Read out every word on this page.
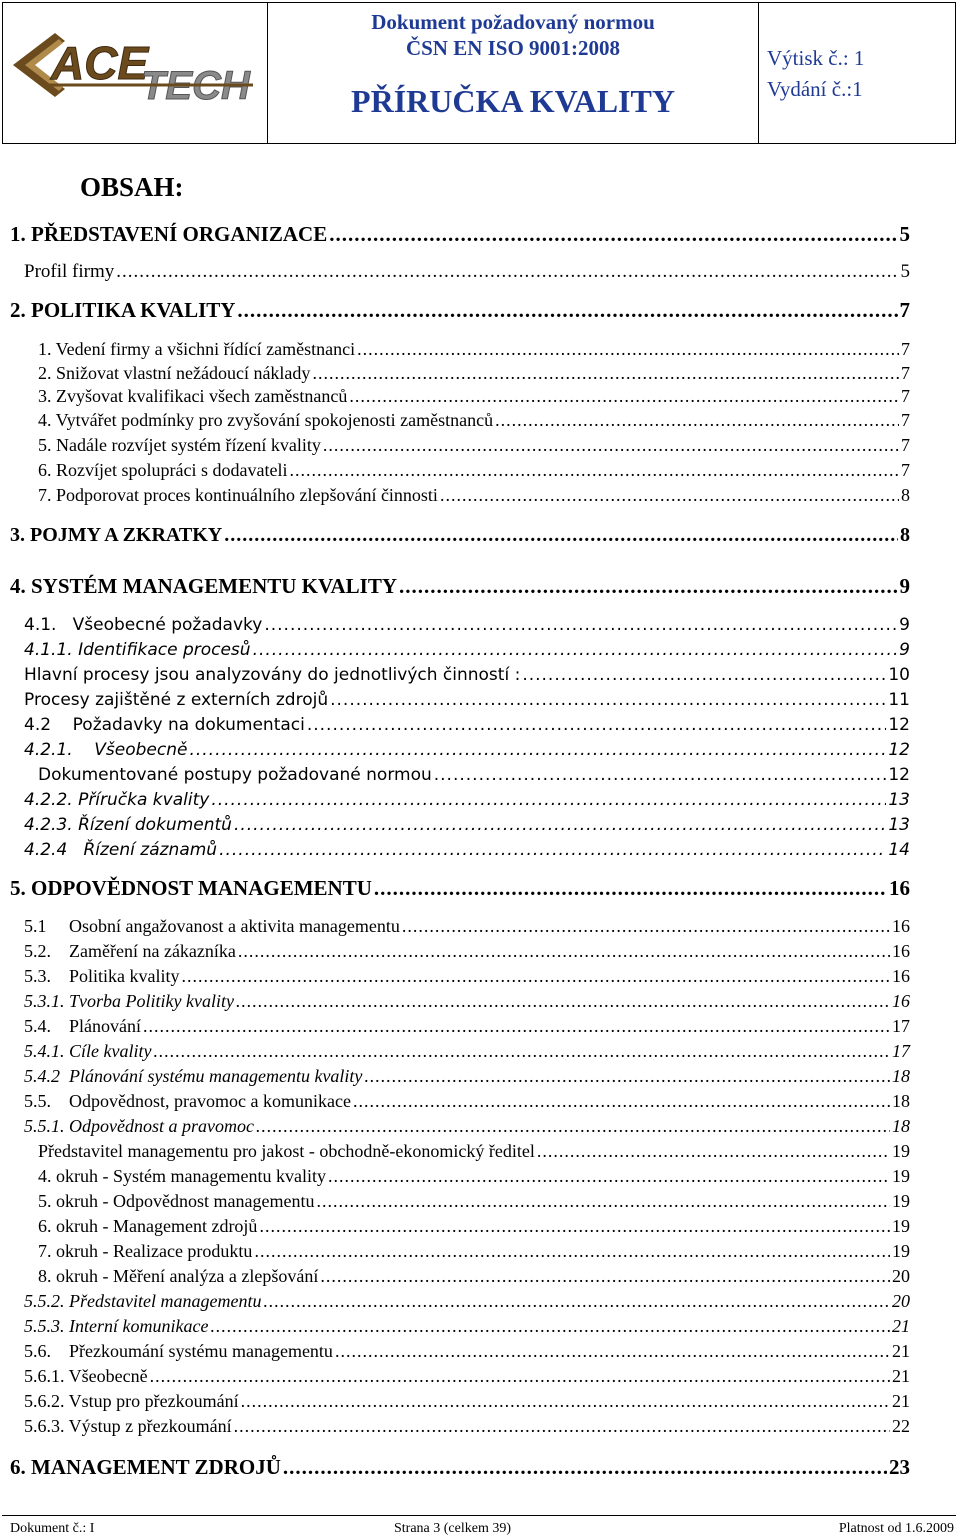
ACE
TECH
Dokument požadovaný normou
ČSN EN ISO 9001:2008
PŘÍRUČKA KVALITY
Výtisk č.: 1
Vydání č.:1
OBSAH:
1. PŘEDSTAVENÍ ORGANIZACE .....	5
Profil firmy .....	5
2. POLITIKA KVALITY .....	7
1. Vedení firmy a všichni řídící zaměstnanci .....	7
2. Snižovat vlastní nežádoucí náklady .....	7
3. Zvyšovat kvalifikaci všech zaměstnanců .....	7
4. Vytvářet podmínky pro zvyšování spokojenosti zaměstnanců .....	7
5. Nadále rozvíjet systém řízení kvality .....	7
6. Rozvíjet spolupráci s dodavateli .....	7
7. Podporovat proces kontinuálního zlepšování činnosti .....	8
3. POJMY A ZKRATKY .....	8
4. SYSTÉM MANAGEMENTU KVALITY .....	9
4.1.   Všeobecné požadavky .....	9
4.1.1. Identifikace procesů .....	9
Hlavní procesy jsou analyzovány do jednotlivých činností : .....	10
Procesy zajištěné z externích zdrojů .....	11
4.2    Požadavky na dokumentaci .....	12
4.2.1.    Všeobecně .....	12
Dokumentované postupy požadované normou .....	12
4.2.2. Příručka kvality .....	13
4.2.3. Řízení dokumentů .....	13
4.2.4   Řízení záznamů .....	14
5. ODPOVĚDNOST MANAGEMENTU .....	16
5.1     Osobní angažovanost a aktivita managementu .....	16
5.2.    Zaměření na zákazníka .....	16
5.3.    Politika kvality .....	16
5.3.1. Tvorba Politiky kvality .....	16
5.4.    Plánování .....	17
5.4.1. Cíle kvality .....	17
5.4.2  Plánování systému managementu kvality .....	18
5.5.    Odpovědnost, pravomoc a komunikace .....	18
5.5.1. Odpovědnost a pravomoc .....	18
Představitel managementu pro jakost - obchodně-ekonomický ředitel .....	19
4. okruh - Systém managementu kvality .....	19
5. okruh - Odpovědnost managementu .....	19
6. okruh - Management zdrojů .....	19
7. okruh - Realizace produktu .....	19
8. okruh - Měření analýza a zlepšování .....	20
5.5.2. Představitel managementu .....	20
5.5.3. Interní komunikace .....	21
5.6.    Přezkoumání systému managementu .....	21
5.6.1. Všeobecně .....	21
5.6.2. Vstup pro přezkoumání .....	21
5.6.3. Výstup z přezkoumání .....	22
6. MANAGEMENT ZDROJŮ .....	23
Dokument č.: I	Strana 3 (celkem 39)	Platnost od 1.6.2009
